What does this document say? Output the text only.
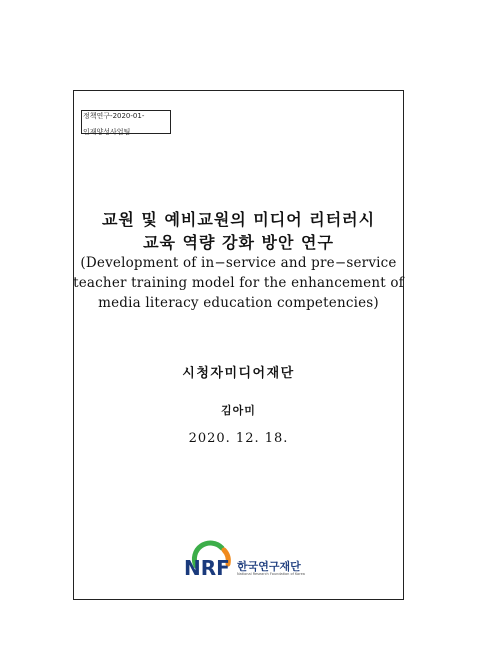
정책연구-2020-01-
인재양성사업팀
교원 및 예비교원의 미디어 리터러시
교육 역량 강화 방안 연구
(Development of in−service and pre−service
teacher training model for the enhancement of
media literacy education competencies)
시청자미디어재단
김아미
2020. 12. 18.
NRF 한국연구재단
National Research Foundation of Korea
